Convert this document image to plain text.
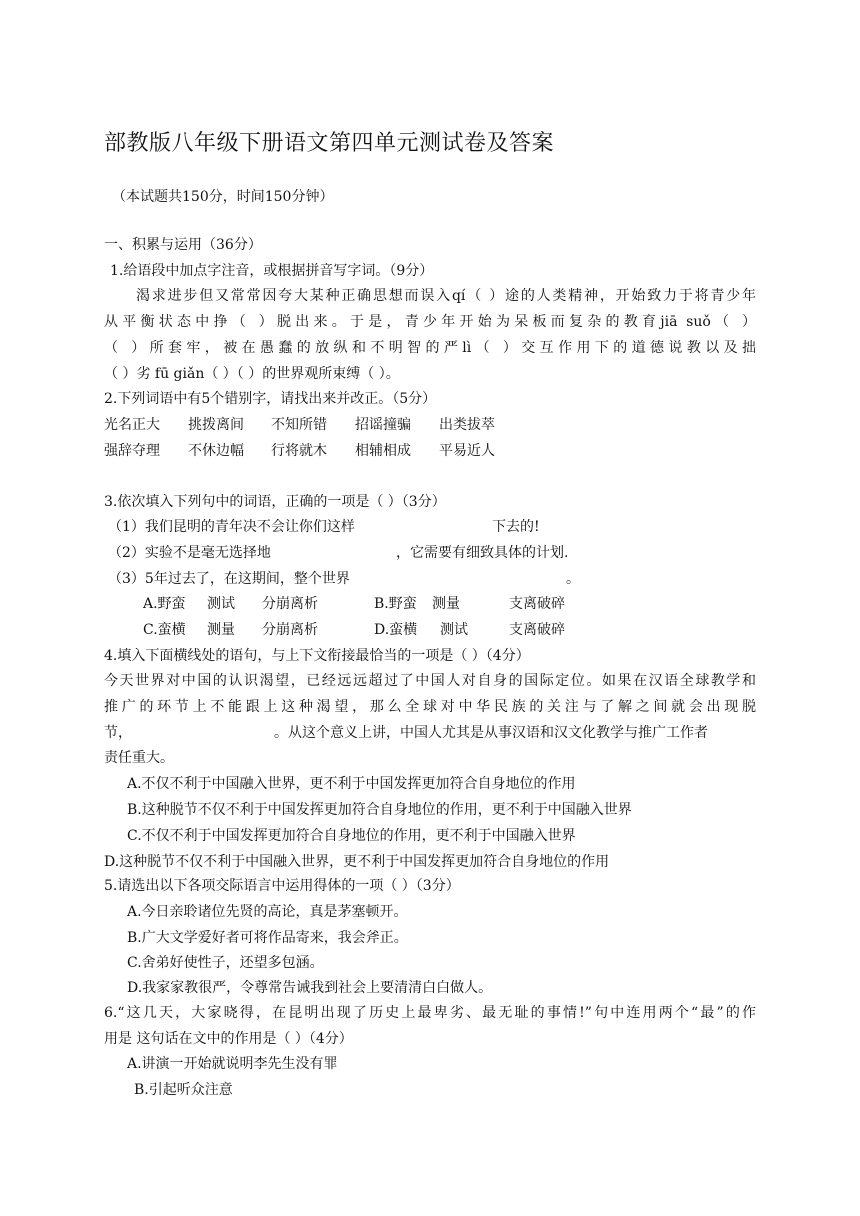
部教版八年级下册语文第四单元测试卷及答案
（本试题共150分，时间150分钟）
一、积累与运用（36分）
1.给语段中加点字注音，或根据拼音写字词。（9分）
渴求进步但又常常因夸大某种正确思想而误入qí（ ）途的人类精神，开始致力于将青少年
从平衡状态中挣（ ）脱出来。于是，青少年开始为呆板而复杂的教育jiā suǒ（ ）
（ ）所套牢，被在愚蠢的放纵和不明智的严lì（ ）交互作用下的道德说教以及拙
（ ）劣 fū giǎn（ ）（ ）的世界观所束缚（ ）。
2.下列词语中有5个错别字，请找出来并改正。（5分）
光名正大 挑拨离间 不知所错 招谣撞骗 出类拔萃
强辞夺理 不休边幅 行将就木 相辅相成 平易近人
3.依次填入下列句中的词语，正确的一项是（ ）（3分）
（1）我们昆明的青年决不会让你们这样	下去的!
（2）实验不是毫无选择地	，它需要有细致具体的计划.
（3）5年过去了，在这期间，整个世界	。
A.野蛮 测试 分崩离析	B.野蛮 测量	支离破碎
C.蛮横 测量 分崩离析	D.蛮横 测试	支离破碎
4.填入下面横线处的语句，与上下文衔接最恰当的一项是（ ）（4分）
今天世界对中国的认识渴望，已经远远超过了中国人对自身的国际定位。如果在汉语全球教学和
推广的环节上不能跟上这种渴望，那么全球对中华民族的关注与了解之间就会出现脱
节，	。从这个意义上讲，中国人尤其是从事汉语和汉文化教学与推广工作者
责任重大。
A.不仅不利于中国融入世界，更不利于中国发挥更加符合自身地位的作用
B.这种脱节不仅不利于中国发挥更加符合自身地位的作用，更不利于中国融入世界
C.不仅不利于中国发挥更加符合自身地位的作用，更不利于中国融入世界
D.这种脱节不仅不利于中国融入世界，更不利于中国发挥更加符合自身地位的作用
5.请选出以下各项交际语言中运用得体的一项（ ）（3分）
A.今日亲聆诸位先贤的高论，真是茅塞顿开。
B.广大文学爱好者可将作品寄来，我会斧正。
C.舍弟好使性子，还望多包涵。
D.我家家教很严，令尊常告诫我到社会上要清清白白做人。
6.“这几天，大家晓得，在昆明出现了历史上最卑劣、最无耻的事情!”句中连用两个“最”的作
用是 这句话在文中的作用是（ ）（4分）
A.讲演一开始就说明李先生没有罪
B.引起听众注意
